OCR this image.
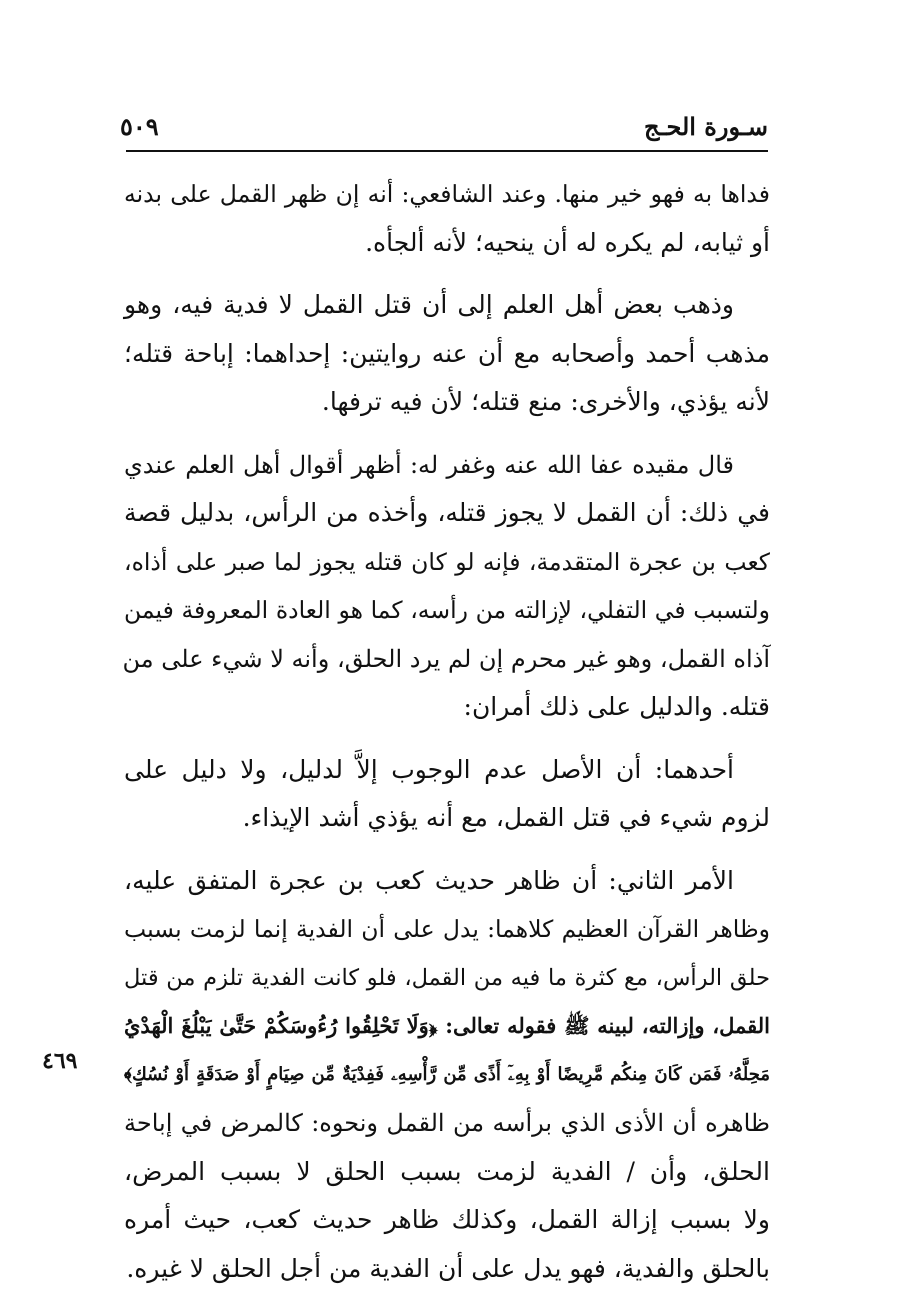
سـورة الحـج
٥٠٩
٤٦٩
فداها به فهو خير منها. وعند الشافعي: أنه إن ظهر القمل على بدنه
أو ثيابه، لم يكره له أن ينحيه؛ لأنه ألجأه.
وذهب بعض أهل العلم إلى أن قتل القمل لا فدية فيه، وهو
مذهب أحمد وأصحابه مع أن عنه روايتين: إحداهما: إباحة قتله؛
لأنه يؤذي، والأخرى: منع قتله؛ لأن فيه ترفها.
قال مقيده عفا الله عنه وغفر له: أظهر أقوال أهل العلم عندي
في ذلك: أن القمل لا يجوز قتله، وأخذه من الرأس، بدليل قصة
كعب بن عجرة المتقدمة، فإنه لو كان قتله يجوز لما صبر على أذاه،
ولتسبب في التفلي، لإزالته من رأسه، كما هو العادة المعروفة فيمن
آذاه القمل، وهو غير محرم إن لم يرد الحلق، وأنه لا شيء على من
قتله. والدليل على ذلك أمران:
أحدهما: أن الأصل عدم الوجوب إلاَّ لدليل، ولا دليل على
لزوم شيء في قتل القمل، مع أنه يؤذي أشد الإيذاء.
الأمر الثاني: أن ظاهر حديث كعب بن عجرة المتفق عليه،
وظاهر القرآن العظيم كلاهما: يدل على أن الفدية إنما لزمت بسبب
حلق الرأس، مع كثرة ما فيه من القمل، فلو كانت الفدية تلزم من قتل
القمل، وإزالته، لبينه ﷺ فقوله تعالى: ﴿وَلَا تَحْلِقُوا رُءُوسَكُمْ حَتَّىٰ يَبْلُغَ الْهَدْيُ
مَحِلَّهُۥ فَمَن كَانَ مِنكُم مَّرِيضًا أَوْ بِهِۦٓ أَذًى مِّن رَّأْسِهِۦ فَفِدْيَةٌ مِّن صِيَامٍ أَوْ صَدَقَةٍ أَوْ نُسُكٍ﴾
ظاهره أن الأذى الذي برأسه من القمل ونحوه: كالمرض في إباحة
الحلق، وأن / الفدية لزمت بسبب الحلق لا بسبب المرض،
ولا بسبب إزالة القمل، وكذلك ظاهر حديث كعب، حيث أمره
بالحلق والفدية، فهو يدل على أن الفدية من أجل الحلق لا غيره.
